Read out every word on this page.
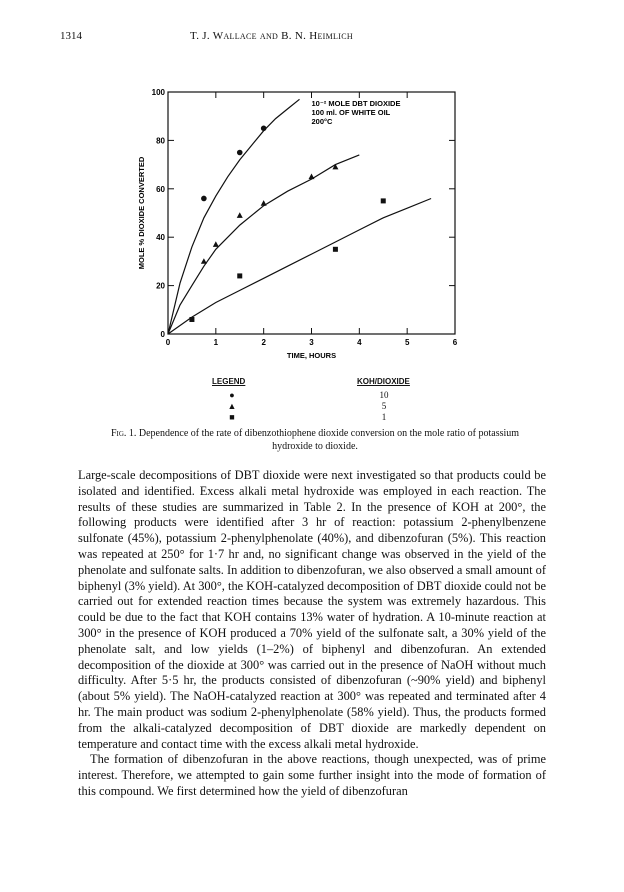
1314	T. J. Wallace and B. N. Heimlich
0	1	2	3	4	5	6
0
20
40
60
80
100
TIME, HOURS
MOLE % DIOXIDE CONVERTED
10⁻² MOLE DBT DIOXIDE
100 ml. OF WHITE OIL
200°C
LEGEND	KOH/DIOXIDE
●	10
▲	5
■	1
Fig. 1. Dependence of the rate of dibenzothiophene dioxide conversion on the mole ratio of potassium hydroxide to dioxide.

Large-scale decompositions of DBT dioxide were next investigated so that products could be isolated and identified. Excess alkali metal hydroxide was employed in each reaction. The results of these studies are summarized in Table 2. In the presence of KOH at 200°, the following products were identified after 3 hr of reaction: potassium 2-phenylbenzene sulfonate (45%), potassium 2-phenylphenolate (40%), and dibenzofuran (5%). This reaction was repeated at 250° for 1·7 hr and, no significant change was observed in the yield of the phenolate and sulfonate salts. In addition to dibenzofuran, we also observed a small amount of biphenyl (3% yield). At 300°, the KOH-catalyzed decomposition of DBT dioxide could not be carried out for extended reaction times because the system was extremely hazardous. This could be due to the fact that KOH contains 13% water of hydration. A 10-minute reaction at 300° in the presence of KOH produced a 70% yield of the sulfonate salt, a 30% yield of the phenolate salt, and low yields (1–2%) of biphenyl and dibenzofuran. An extended decomposition of the dioxide at 300° was carried out in the presence of NaOH without much difficulty. After 5·5 hr, the products consisted of dibenzofuran (~90% yield) and biphenyl (about 5% yield). The NaOH-catalyzed reaction at 300° was repeated and terminated after 4 hr. The main product was sodium 2-phenylphenolate (58% yield). Thus, the products formed from the alkali-catalyzed decomposition of DBT dioxide are markedly dependent on temperature and contact time with the excess alkali metal hydroxide.

The formation of dibenzofuran in the above reactions, though unexpected, was of prime interest. Therefore, we attempted to gain some further insight into the mode of formation of this compound. We first determined how the yield of dibenzofuran
